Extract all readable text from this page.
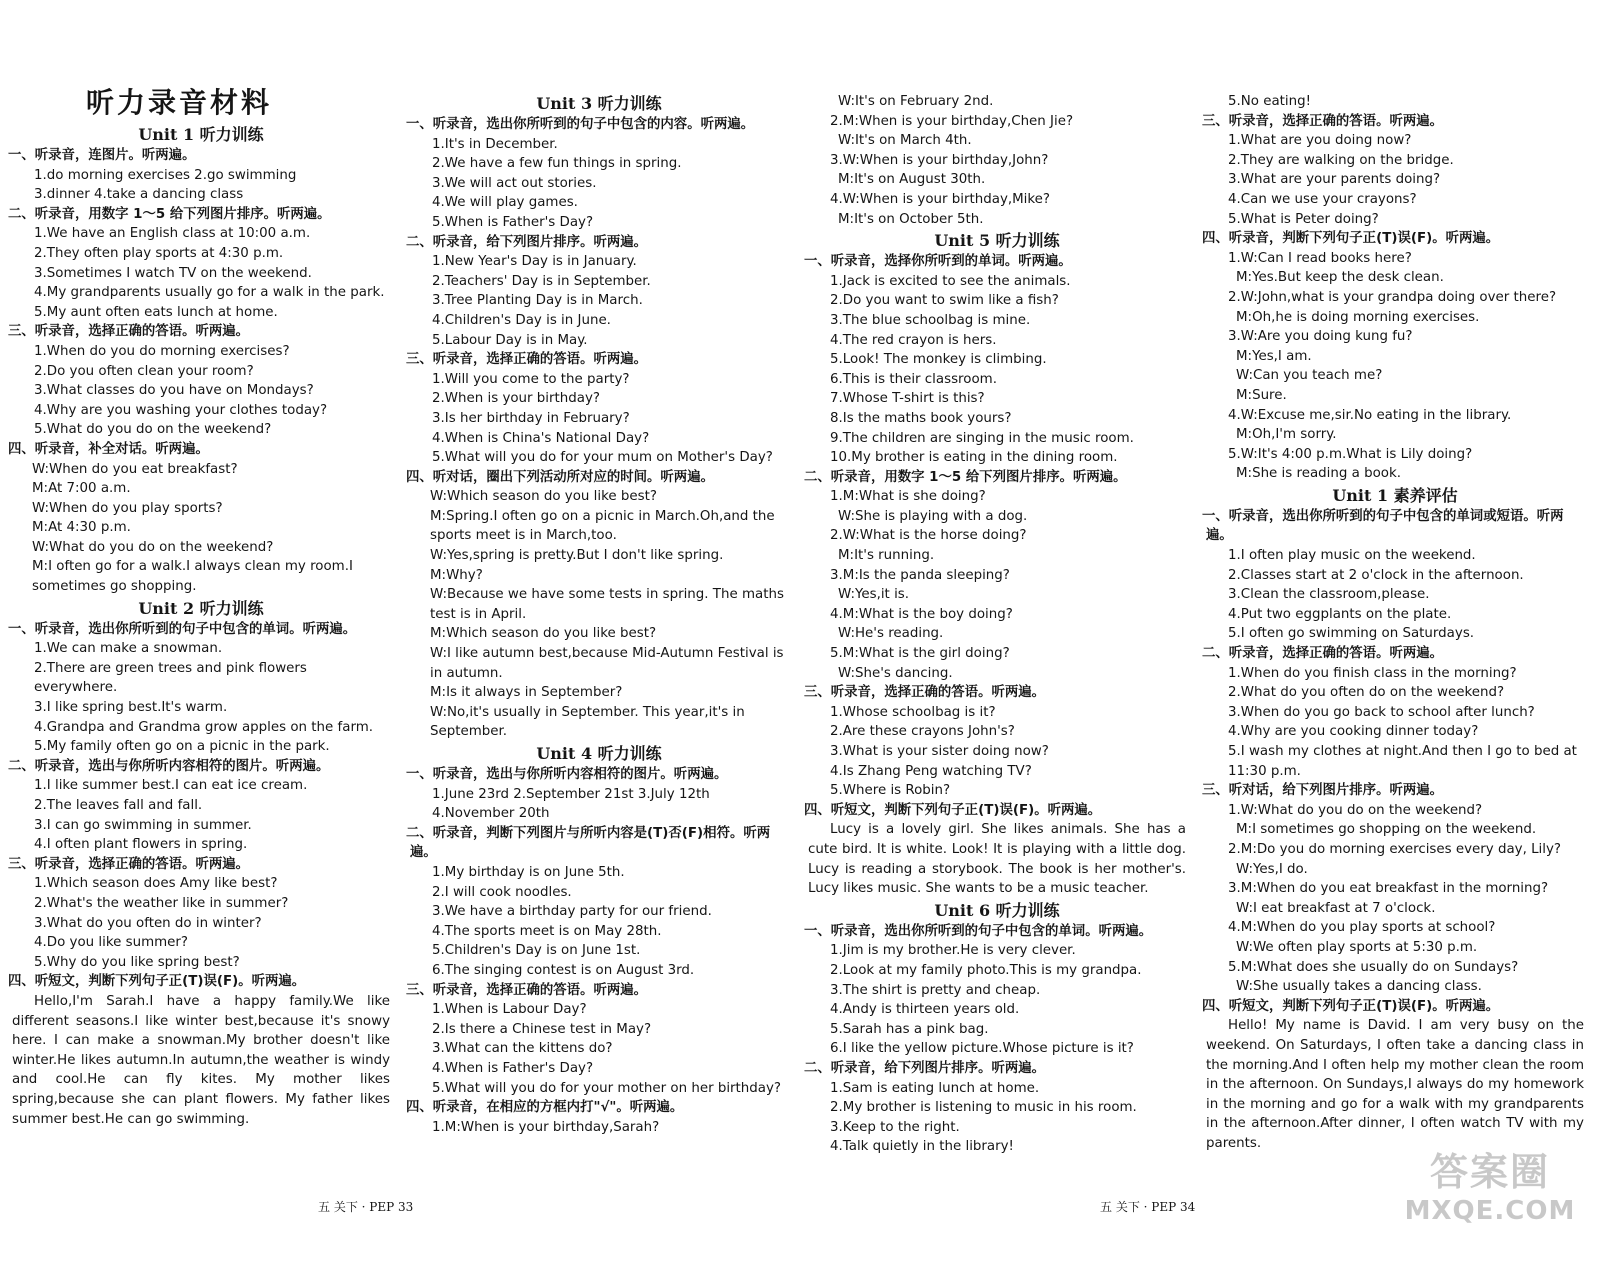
听力录音材料
Unit 1 听力训练
一、听录音，连图片。听两遍。
1.do morning exercises 2.go swimming
3.dinner 4.take a dancing class
二、听录音，用数字 1～5 给下列图片排序。听两遍。
1.We have an English class at 10:00 a.m.
2.They often play sports at 4:30 p.m.
3.Sometimes I watch TV on the weekend.
4.My grandparents usually go for a walk in the park.
5.My aunt often eats lunch at home.
三、听录音，选择正确的答语。听两遍。
1.When do you do morning exercises?
2.Do you often clean your room?
3.What classes do you have on Mondays?
4.Why are you washing your clothes today?
5.What do you do on the weekend?
四、听录音，补全对话。听两遍。
W:When do you eat breakfast?
M:At 7:00 a.m.
W:When do you play sports?
M:At 4:30 p.m.
W:What do you do on the weekend?
M:I often go for a walk.I always clean my room.I sometimes go shopping.
Unit 2 听力训练
一、听录音，选出你所听到的句子中包含的单词。听两遍。
1.We can make a snowman.
2.There are green trees and pink flowers everywhere.
3.I like spring best.It's warm.
4.Grandpa and Grandma grow apples on the farm.
5.My family often go on a picnic in the park.
二、听录音，选出与你所听内容相符的图片。听两遍。
1.I like summer best.I can eat ice cream.
2.The leaves fall and fall.
3.I can go swimming in summer.
4.I often plant flowers in spring.
三、听录音，选择正确的答语。听两遍。
1.Which season does Amy like best?
2.What's the weather like in summer?
3.What do you often do in winter?
4.Do you like summer?
5.Why do you like spring best?
四、听短文，判断下列句子正(T)误(F)。听两遍。
Hello,I'm Sarah.I have a happy family.We like different seasons.I like winter best,because it's snowy here. I can make a snowman.My brother doesn't like winter.He likes autumn.In autumn,the weather is windy and cool.He can fly kites. My mother likes spring,because she can plant flowers. My father likes summer best.He can go swimming.
Unit 3 听力训练
一、听录音，选出你所听到的句子中包含的内容。听两遍。
1.It's in December.
2.We have a few fun things in spring.
3.We will act out stories.
4.We will play games.
5.When is Father's Day?
二、听录音，给下列图片排序。听两遍。
1.New Year's Day is in January.
2.Teachers' Day is in September.
3.Tree Planting Day is in March.
4.Children's Day is in June.
5.Labour Day is in May.
三、听录音，选择正确的答语。听两遍。
1.Will you come to the party?
2.When is your birthday?
3.Is her birthday in February?
4.When is China's National Day?
5.What will you do for your mum on Mother's Day?
四、听对话，圈出下列活动所对应的时间。听两遍。
W:Which season do you like best?
M:Spring.I often go on a picnic in March.Oh,and the sports meet is in March,too.
W:Yes,spring is pretty.But I don't like spring.
M:Why?
W:Because we have some tests in spring. The maths test is in April.
M:Which season do you like best?
W:I like autumn best,because Mid-Autumn Festival is in autumn.
M:Is it always in September?
W:No,it's usually in September. This year,it's in September.
Unit 4 听力训练
一、听录音，选出与你所听内容相符的图片。听两遍。
1.June 23rd 2.September 21st 3.July 12th
4.November 20th
二、听录音，判断下列图片与所听内容是(T)否(F)相符。听两遍。
1.My birthday is on June 5th.
2.I will cook noodles.
3.We have a birthday party for our friend.
4.The sports meet is on May 28th.
5.Children's Day is on June 1st.
6.The singing contest is on August 3rd.
三、听录音，选择正确的答语。听两遍。
1.When is Labour Day?
2.Is there a Chinese test in May?
3.What can the kittens do?
4.When is Father's Day?
5.What will you do for your mother on her birthday?
四、听录音，在相应的方框内打"√"。听两遍。
1.M:When is your birthday,Sarah?
W:It's on February 2nd.
2.M:When is your birthday,Chen Jie?
W:It's on March 4th.
3.W:When is your birthday,John?
M:It's on August 30th.
4.W:When is your birthday,Mike?
M:It's on October 5th.
Unit 5 听力训练
一、听录音，选择你所听到的单词。听两遍。
1.Jack is excited to see the animals.
2.Do you want to swim like a fish?
3.The blue schoolbag is mine.
4.The red crayon is hers.
5.Look! The monkey is climbing.
6.This is their classroom.
7.Whose T-shirt is this?
8.Is the maths book yours?
9.The children are singing in the music room.
10.My brother is eating in the dining room.
二、听录音，用数字 1～5 给下列图片排序。听两遍。
1.M:What is she doing?
W:She is playing with a dog.
2.W:What is the horse doing?
M:It's running.
3.M:Is the panda sleeping?
W:Yes,it is.
4.M:What is the boy doing?
W:He's reading.
5.M:What is the girl doing?
W:She's dancing.
三、听录音，选择正确的答语。听两遍。
1.Whose schoolbag is it?
2.Are these crayons John's?
3.What is your sister doing now?
4.Is Zhang Peng watching TV?
5.Where is Robin?
四、听短文，判断下列句子正(T)误(F)。听两遍。
Lucy is a lovely girl. She likes animals. She has a cute bird. It is white. Look! It is playing with a little dog. Lucy is reading a storybook. The book is her mother's. Lucy likes music. She wants to be a music teacher.
Unit 6 听力训练
一、听录音，选出你所听到的句子中包含的单词。听两遍。
1.Jim is my brother.He is very clever.
2.Look at my family photo.This is my grandpa.
3.The shirt is pretty and cheap.
4.Andy is thirteen years old.
5.Sarah has a pink bag.
6.I like the yellow picture.Whose picture is it?
二、听录音，给下列图片排序。听两遍。
1.Sam is eating lunch at home.
2.My brother is listening to music in his room.
3.Keep to the right.
4.Talk quietly in the library!
5.No eating!
三、听录音，选择正确的答语。听两遍。
1.What are you doing now?
2.They are walking on the bridge.
3.What are your parents doing?
4.Can we use your crayons?
5.What is Peter doing?
四、听录音，判断下列句子正(T)误(F)。听两遍。
1.W:Can I read books here?
M:Yes.But keep the desk clean.
2.W:John,what is your grandpa doing over there?
M:Oh,he is doing morning exercises.
3.W:Are you doing kung fu?
M:Yes,I am.
W:Can you teach me?
M:Sure.
4.W:Excuse me,sir.No eating in the library.
M:Oh,I'm sorry.
5.W:It's 4:00 p.m.What is Lily doing?
M:She is reading a book.
Unit 1 素养评估
一、听录音，选出你所听到的句子中包含的单词或短语。听两遍。
1.I often play music on the weekend.
2.Classes start at 2 o'clock in the afternoon.
3.Clean the classroom,please.
4.Put two eggplants on the plate.
5.I often go swimming on Saturdays.
二、听录音，选择正确的答语。听两遍。
1.When do you finish class in the morning?
2.What do you often do on the weekend?
3.When do you go back to school after lunch?
4.Why are you cooking dinner today?
5.I wash my clothes at night.And then I go to bed at 11:30 p.m.
三、听对话，给下列图片排序。听两遍。
1.W:What do you do on the weekend?
M:I sometimes go shopping on the weekend.
2.M:Do you do morning exercises every day, Lily?
W:Yes,I do.
3.M:When do you eat breakfast in the morning?
W:I eat breakfast at 7 o'clock.
4.M:When do you play sports at school?
W:We often play sports at 5:30 p.m.
5.M:What does she usually do on Sundays?
W:She usually takes a dancing class.
四、听短文，判断下列句子正(T)误(F)。听两遍。
Hello! My name is David. I am very busy on the weekend. On Saturdays, I often take a dancing class in the morning.And I often help my mother clean the room in the afternoon. On Sundays,I always do my homework in the morning and go for a walk with my grandparents in the afternoon.After dinner, I often watch TV with my parents.
五 关下 · PEP 33	五 关下 · PEP 34
答案圈
MXQE.COM
